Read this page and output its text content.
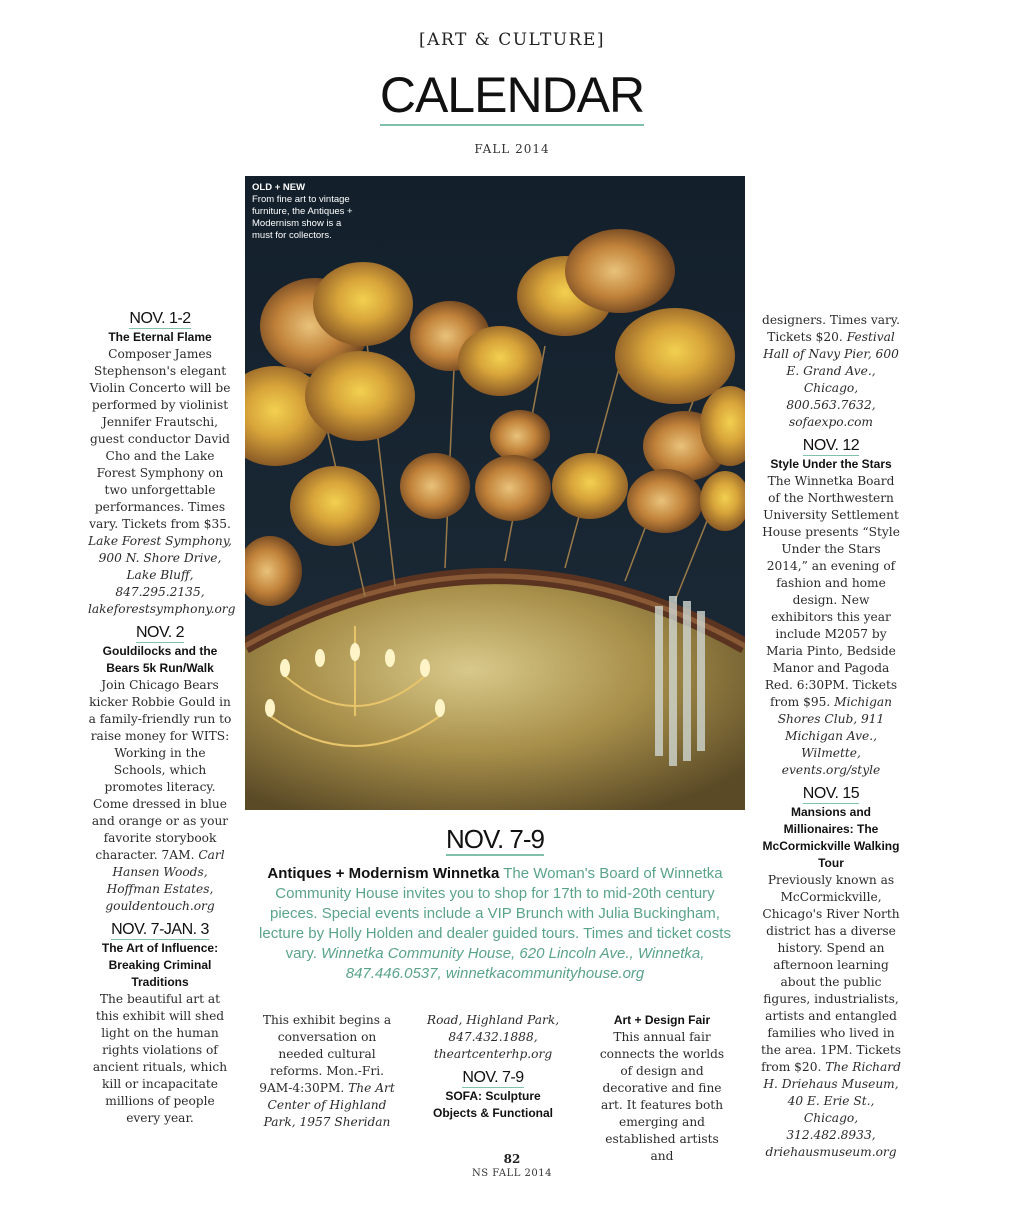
[ART & CULTURE]
CALENDAR
FALL 2014
OLD + NEW
From fine art to vintage furniture, the Antiques + Modernism show is a must for collectors.
NOV. 1-2
The Eternal Flame

Composer James Stephenson's elegant Violin Concerto will be performed by violinist Jennifer Frautschi, guest conductor David Cho and the Lake Forest Symphony on two unforgettable performances. Times vary. Tickets from $35. Lake Forest Symphony, 900 N. Shore Drive, Lake Bluff, 847.295.2135, lakeforestsymphony.org

NOV. 2
Gouldilocks and the Bears 5k Run/Walk

Join Chicago Bears kicker Robbie Gould in a family-friendly run to raise money for WITS: Working in the Schools, which promotes literacy. Come dressed in blue and orange or as your favorite storybook character. 7AM. Carl Hansen Woods, Hoffman Estates, gouldentouch.org

NOV. 7-JAN. 3
The Art of Influence: Breaking Criminal Traditions

The beautiful art at this exhibit will shed light on the human rights violations of ancient rituals, which kill or incapacitate millions of people every year.

NOV. 7-9
Antiques + Modernism Winnetka The Woman's Board of Winnetka Community House invites you to shop for 17th to mid-20th century pieces. Special events include a VIP Brunch with Julia Buckingham, lecture by Holly Holden and dealer guided tours. Times and ticket costs vary. Winnetka Community House, 620 Lincoln Ave., Winnetka, 847.446.0537, winnetkacommunityhouse.org

This exhibit begins a conversation on needed cultural reforms. Mon.-Fri. 9AM-4:30PM. The Art Center of Highland Park, 1957 Sheridan

Road, Highland Park, 847.432.1888, theartcenterhp.org

NOV. 7-9
SOFA: Sculpture Objects & Functional
Art + Design Fair

This annual fair connects the worlds of design and decorative and fine art. It features both emerging and established artists and

designers. Times vary. Tickets $20. Festival Hall of Navy Pier, 600 E. Grand Ave., Chicago, 800.563.7632, sofaexpo.com

NOV. 12
Style Under the Stars

The Winnetka Board of the Northwestern University Settlement House presents “Style Under the Stars 2014,” an evening of fashion and home design. New exhibitors this year include M2057 by Maria Pinto, Bedside Manor and Pagoda Red. 6:30PM. Tickets from $95. Michigan Shores Club, 911 Michigan Ave., Wilmette, events.org/style

NOV. 15
Mansions and Millionaires: The McCormickville Walking Tour

Previously known as McCormickville, Chicago's River North district has a diverse history. Spend an afternoon learning about the public figures, industrialists, artists and entangled families who lived in the area. 1PM. Tickets from $20. The Richard H. Driehaus Museum, 40 E. Erie St., Chicago, 312.482.8933, driehausmuseum.org

82
NS FALL 2014
